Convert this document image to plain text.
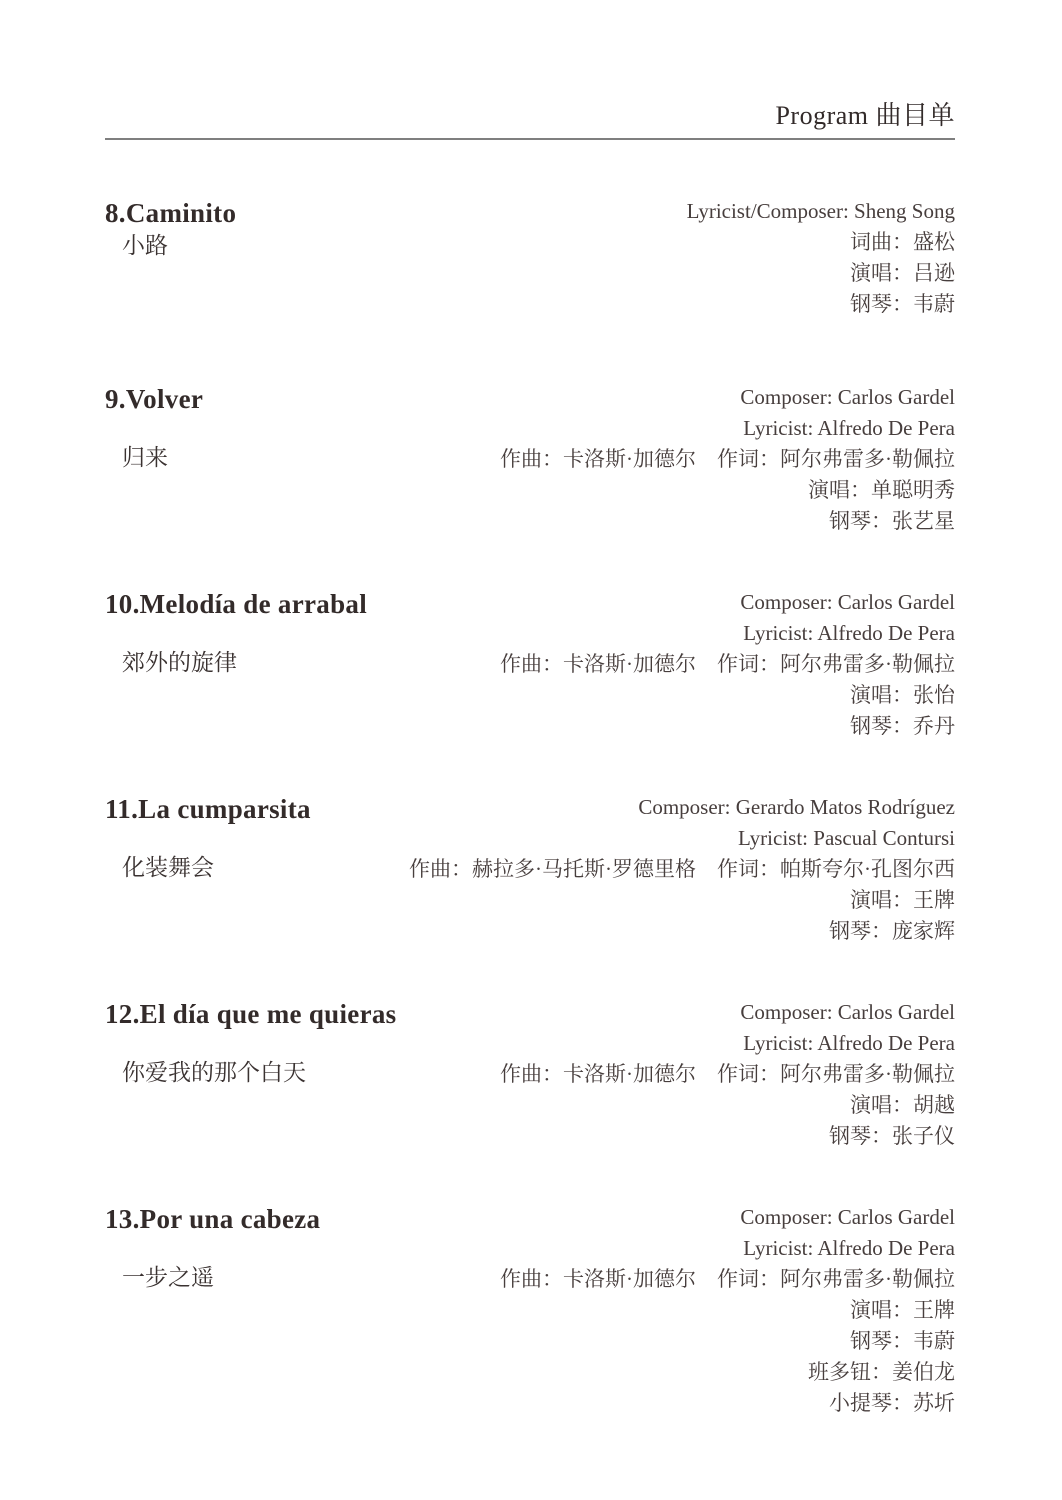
Program 曲目单
8.Caminito
小路
Lyricist/Composer: Sheng Song
词曲：盛松
演唱：吕逊
钢琴：韦蔚
9.Volver
归来
Composer: Carlos Gardel
Lyricist: Alfredo De Pera
作曲：卡洛斯·加德尔　作词：阿尔弗雷多·勒佩拉
演唱：单聪明秀
钢琴：张艺星
10.Melodía de arrabal
郊外的旋律
Composer: Carlos Gardel
Lyricist: Alfredo De Pera
作曲：卡洛斯·加德尔　作词：阿尔弗雷多·勒佩拉
演唱：张怡
钢琴：乔丹
11.La cumparsita
化装舞会
Composer: Gerardo Matos Rodríguez
Lyricist: Pascual Contursi
作曲：赫拉多·马托斯·罗德里格　作词：帕斯夸尔·孔图尔西
演唱：王牌
钢琴：庞家辉
12.El día que me quieras
你爱我的那个白天
Composer: Carlos Gardel
Lyricist: Alfredo De Pera
作曲：卡洛斯·加德尔　作词：阿尔弗雷多·勒佩拉
演唱：胡越
钢琴：张子仪
13.Por una cabeza
一步之遥
Composer: Carlos Gardel
Lyricist: Alfredo De Pera
作曲：卡洛斯·加德尔　作词：阿尔弗雷多·勒佩拉
演唱：王牌
钢琴：韦蔚
班多钮：姜伯龙
小提琴：苏圻
